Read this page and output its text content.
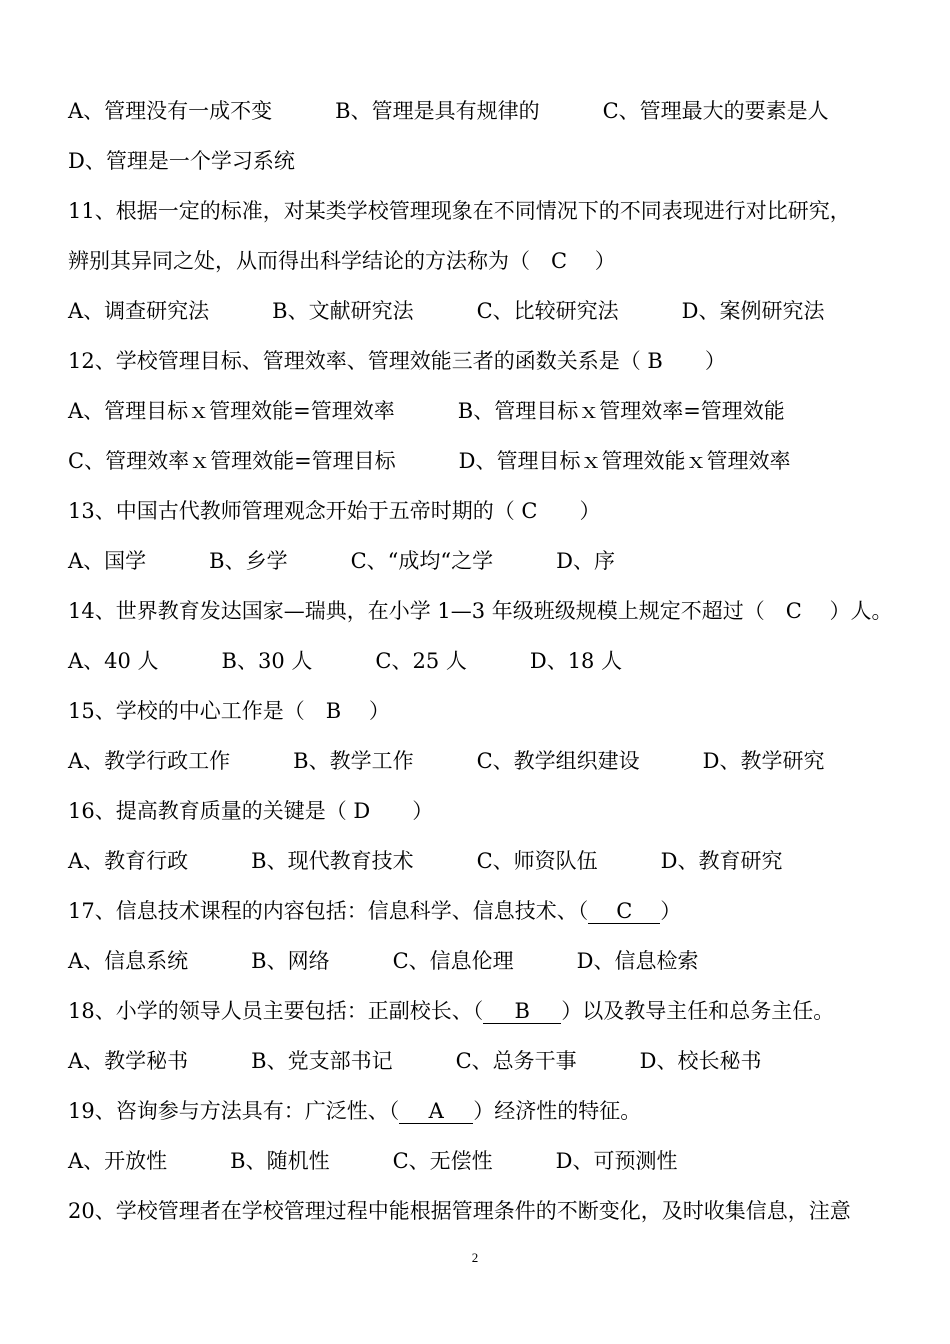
A、管理没有一成不变　　　B、管理是具有规律的　　　C、管理最大的要素是人
D、管理是一个学习系统
11、根据一定的标准，对某类学校管理现象在不同情况下的不同表现进行对比研究，
辨别其异同之处，从而得出科学结论的方法称为（　C　 ）
A、调查研究法　　　B、文献研究法　　　C、比较研究法　　　D、案例研究法
12、学校管理目标、管理效率、管理效能三者的函数关系是（ B　　）
A、管理目标ｘ管理效能=管理效率　　　B、管理目标ｘ管理效率=管理效能
C、管理效率ｘ管理效能=管理目标　　　D、管理目标ｘ管理效能ｘ管理效率
13、中国古代教师管理观念开始于五帝时期的（ C　　）
A、国学　　　B、乡学　　　C、“成均“之学　　　D、序
14、世界教育发达国家—瑞典，在小学 1—3 年级班级规模上规定不超过（　C　 ）人。
A、40 人　　　B、30 人　　　C、25 人　　　D、18 人
15、学校的中心工作是（　B　 ）
A、教学行政工作　　　B、教学工作　　　C、教学组织建设　　　D、教学研究
16、提高教育质量的关键是（ D　　）
A、教育行政　　　B、现代教育技术　　　C、师资队伍　　　D、教育研究
17、信息技术课程的内容包括：信息科学、信息技术、（ C ）
A、信息系统　　　B、网络　　　C、信息伦理　　　D、信息检索
18、小学的领导人员主要包括：正副校长、（ B ）以及教导主任和总务主任。
A、教学秘书　　　B、党支部书记　　　C、总务干事　　　D、校长秘书
19、咨询参与方法具有：广泛性、（ A ）经济性的特征。
A、开放性　　　B、随机性　　　C、无偿性　　　D、可预测性
20、学校管理者在学校管理过程中能根据管理条件的不断变化，及时收集信息，注意
2
